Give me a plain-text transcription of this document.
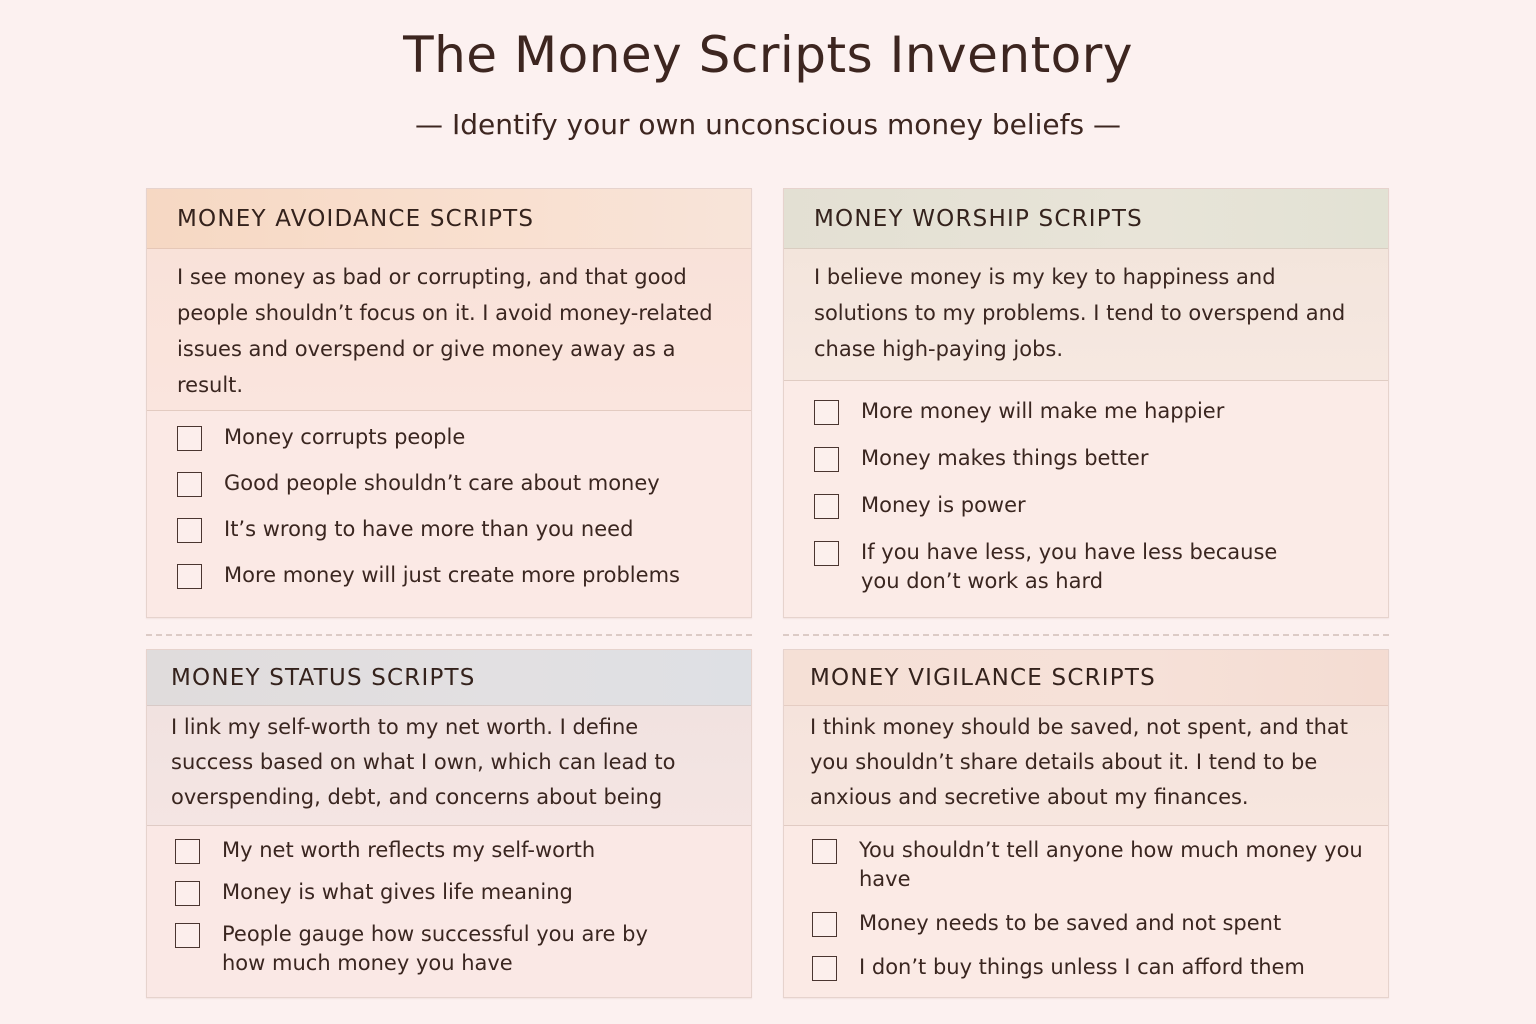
The Money Scripts Inventory
— Identify your own unconscious money beliefs —
MONEY AVOIDANCE SCRIPTS
I see money as bad or corrupting, and that good people shouldn’t focus on it. I avoid money-related issues and overspend or give money away as a result.
Money corrupts people
Good people shouldn’t care about money
It’s wrong to have more than you need
More money will just create more problems
MONEY WORSHIP SCRIPTS
I believe money is my key to happiness and solutions to my problems. I tend to overspend and chase high-paying jobs.
More money will make me happier
Money makes things better
Money is power
If you have less, you have less because you don’t work as hard
MONEY STATUS SCRIPTS
I link my self-worth to my net worth. I define success based on what I own, which can lead to overspending, debt, and concerns about being
My net worth reflects my self-worth
Money is what gives life meaning
People gauge how successful you are by how much money you have
MONEY VIGILANCE SCRIPTS
I think money should be saved, not spent, and that you shouldn’t share details about it. I tend to be anxious and secretive about my finances.
You shouldn’t tell anyone how much money you have
Money needs to be saved and not spent
I don’t buy things unless I can afford them
